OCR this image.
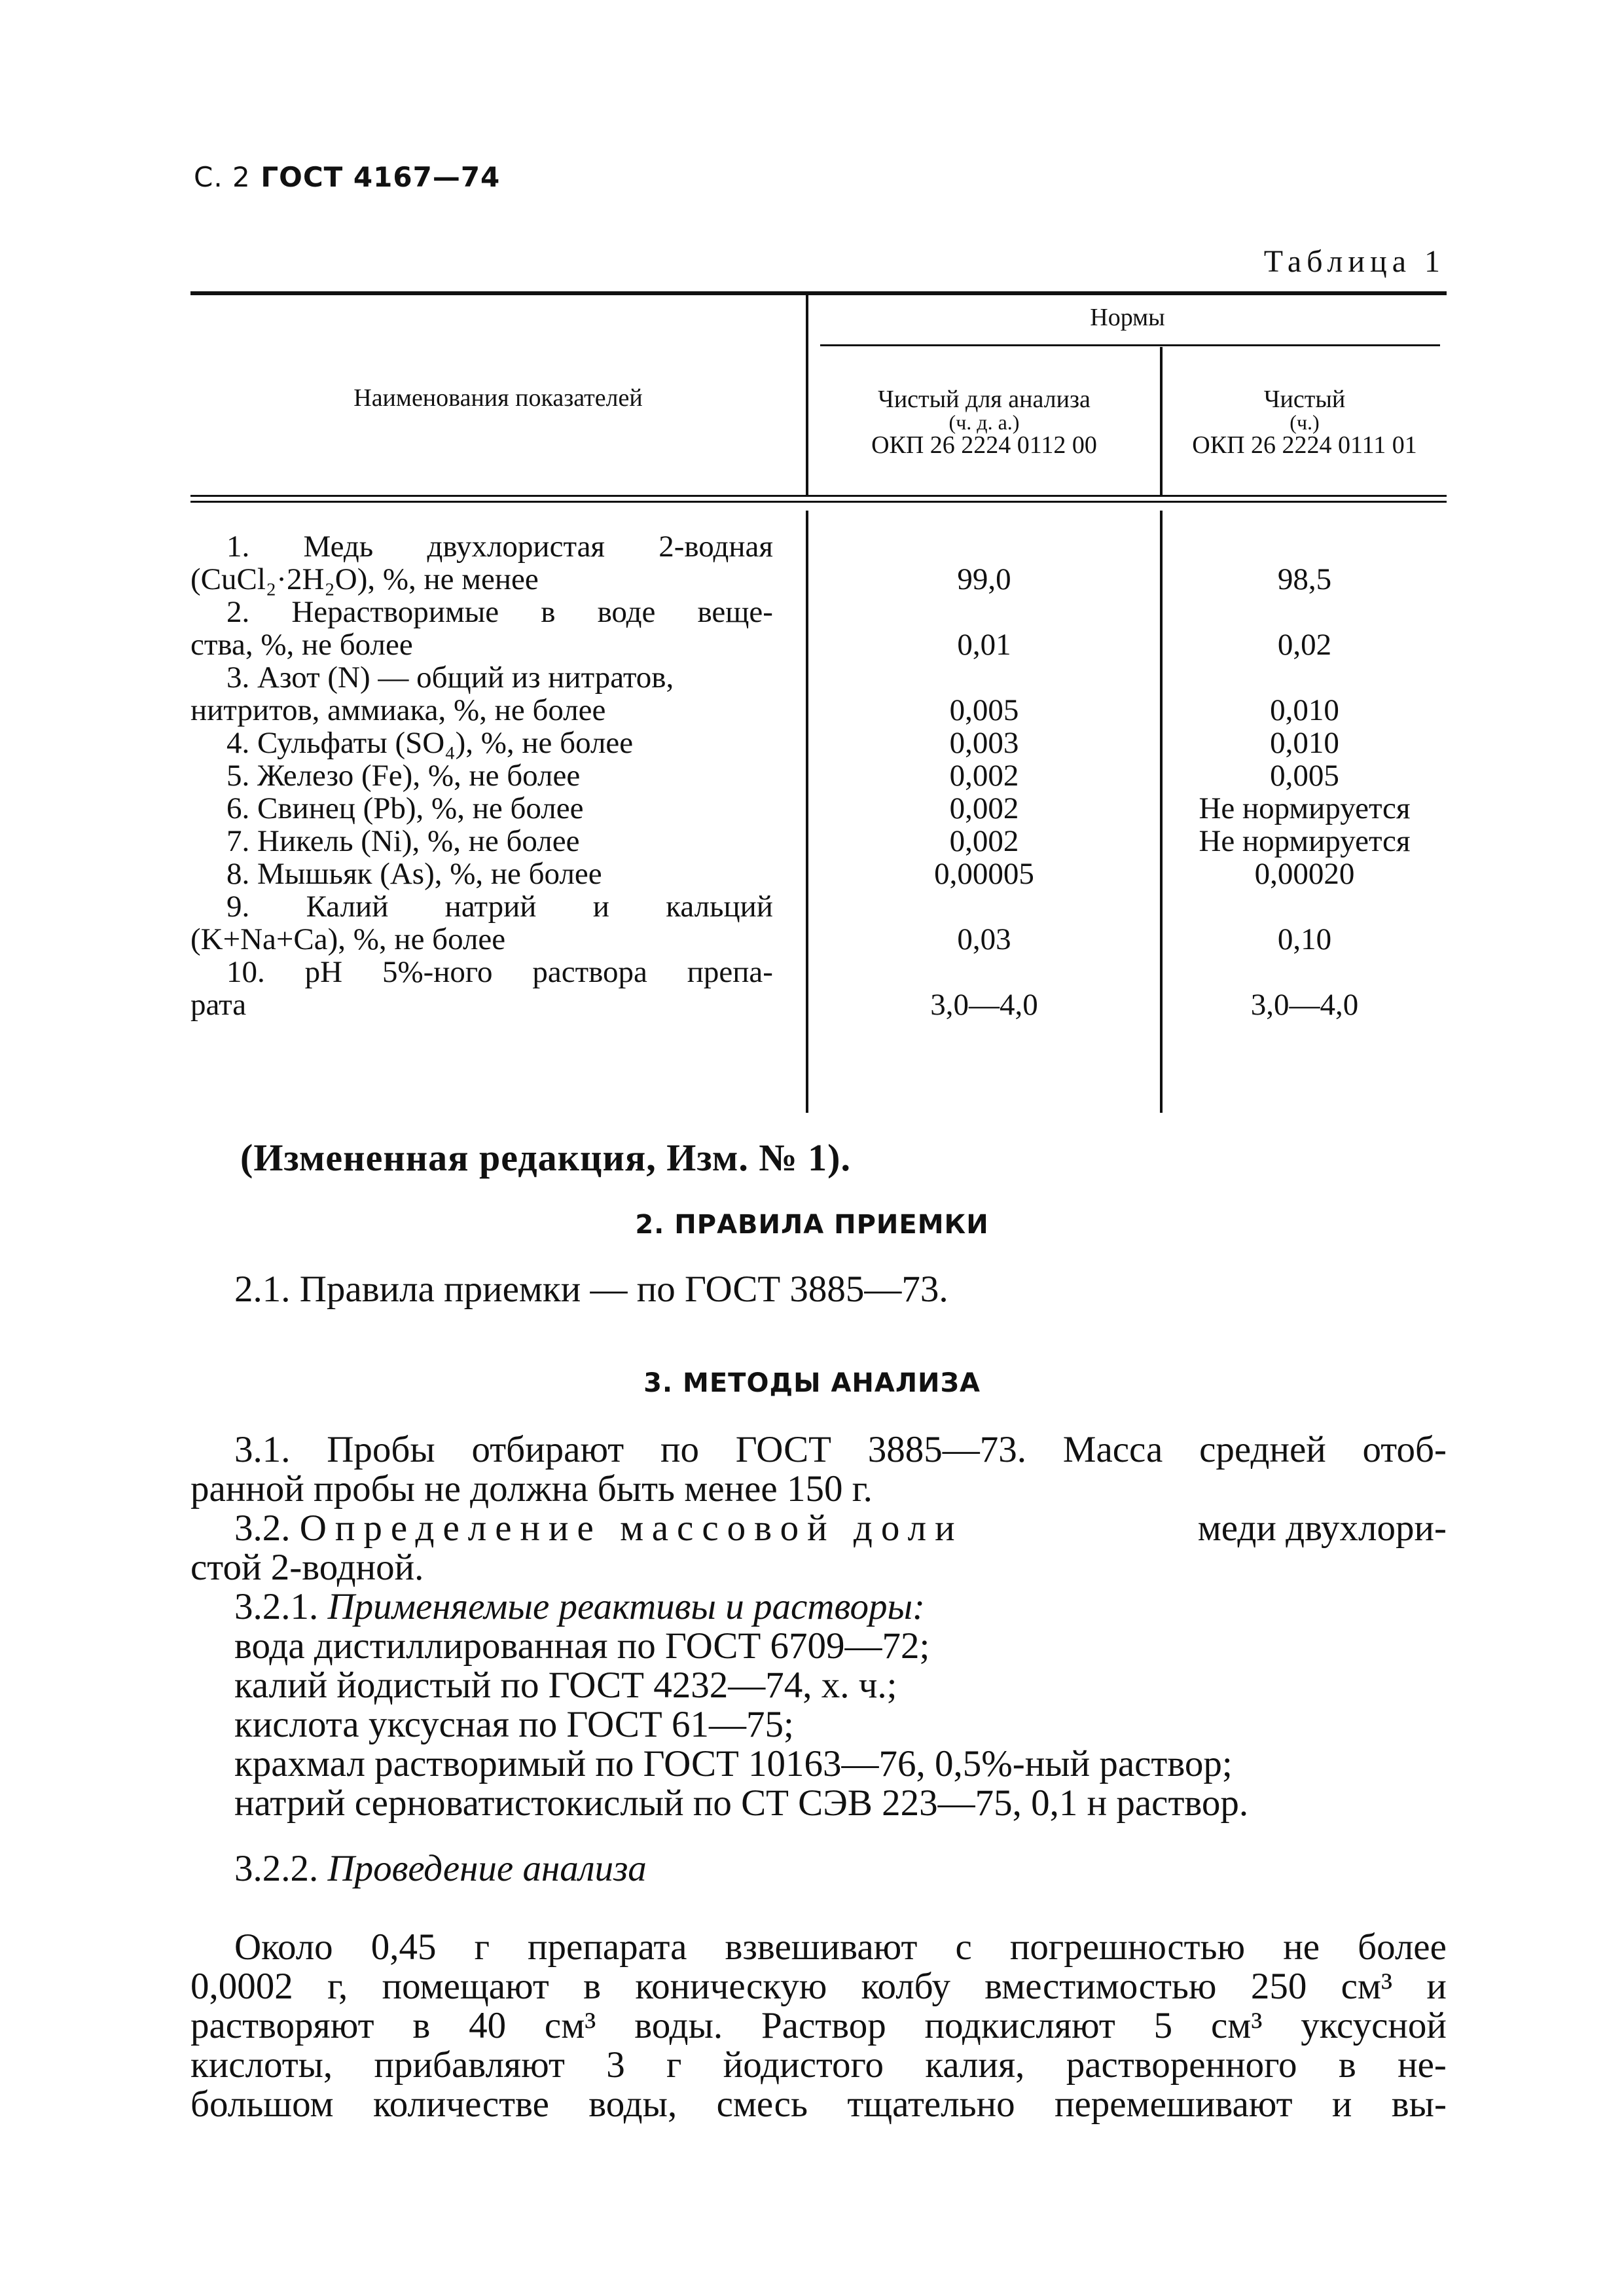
С. 2 ГОСТ 4167—74
Таблица 1
Наименования показателей
Нормы
Чистый для анализа
(ч. д. а.)
ОКП 26 2224 0112 00
Чистый
(ч.)
ОКП 26 2224 0111 01
1. Медь двухлористая 2-водная
(CuCl₂·2H₂O), %, не менее	99,0	98,5
2. Нерастворимые в воде веще-
ства, %, не более	0,01	0,02
3. Азот (N) — общий из нитратов,
нитритов, аммиака, %, не более	0,005	0,010
4. Сульфаты (SO₄), %, не более	0,003	0,010
5. Железо (Fe), %, не более	0,002	0,005
6. Свинец (Pb), %, не более	0,002	Не нормируется
7. Никель (Ni), %, не более	0,002	Не нормируется
8. Мышьяк (As), %, не более	0,00005	0,00020
9. Калий натрий и кальций
(K+Na+Ca), %, не более	0,03	0,10
10. pH 5%-ного раствора препа-
рата	3,0—4,0	3,0—4,0
(Измененная редакция, Изм. № 1).
2. ПРАВИЛА ПРИЕМКИ
2.1. Правила приемки — по ГОСТ 3885—73.
3. МЕТОДЫ АНАЛИЗА
3.1. Пробы отбирают по ГОСТ 3885—73. Масса средней отоб-
ранной пробы не должна быть менее 150 г.
3.2.
Определение массовой доли	меди двухлори-
стой 2-водной.
3.2.1. Применяемые реактивы и растворы:
вода дистиллированная по ГОСТ 6709—72;
калий йодистый по ГОСТ 4232—74, х. ч.;
кислота уксусная по ГОСТ 61—75;
крахмал растворимый по ГОСТ 10163—76, 0,5%-ный раствор;
натрий серноватистокислый по СТ СЭВ 223—75, 0,1 н раствор.
3.2.2. Проведение анализа
Около 0,45 г препарата взвешивают с погрешностью не более
0,0002 г, помещают в коническую колбу вместимостью 250 см³ и
растворяют в 40 см³ воды. Раствор подкисляют 5 см³ уксусной
кислоты, прибавляют 3 г йодистого калия, растворенного в не-
большом количестве воды, смесь тщательно перемешивают и вы-
